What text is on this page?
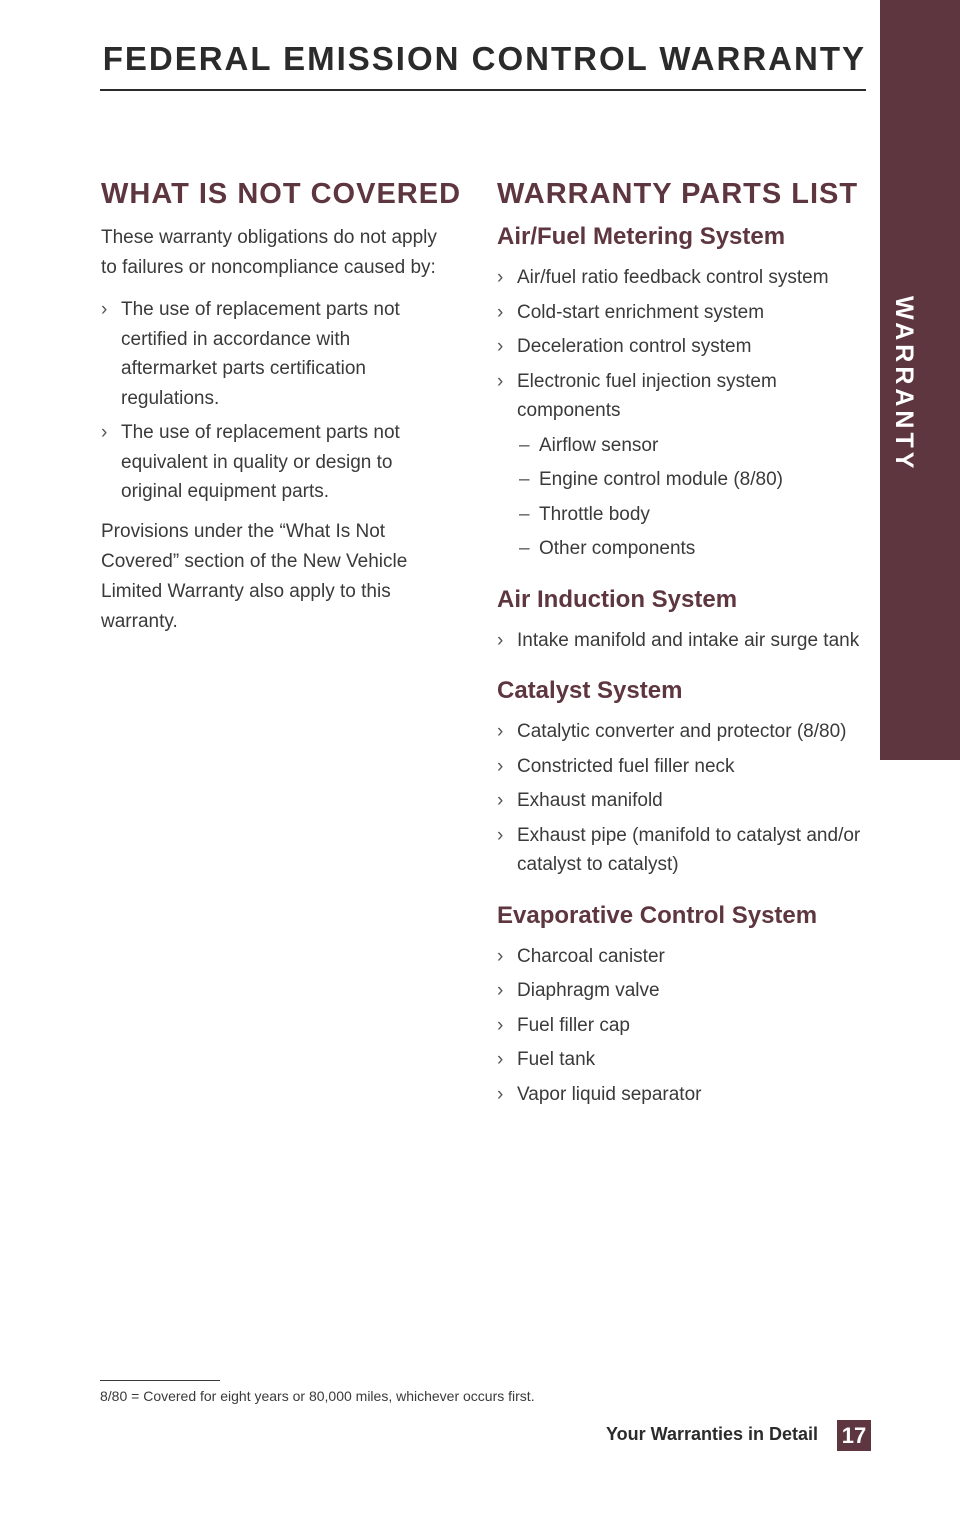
WARRANTY
FEDERAL EMISSION CONTROL WARRANTY
WHAT IS NOT COVERED

These warranty obligations do not apply to failures or noncompliance caused by:

› The use of replacement parts not certified in accordance with aftermarket parts certification regulations.
› The use of replacement parts not equivalent in quality or design to original equipment parts.

Provisions under the “What Is Not Covered” section of the New Vehicle Limited Warranty also apply to this warranty.

WARRANTY PARTS LIST
Air/Fuel Metering System
› Air/fuel ratio feedback control system
› Cold-start enrichment system
› Deceleration control system
› Electronic fuel injection system components
– Airflow sensor
– Engine control module (8/80)
– Throttle body
– Other components
Air Induction System
› Intake manifold and intake air surge tank
Catalyst System
› Catalytic converter and protector (8/80)
› Constricted fuel filler neck
› Exhaust manifold
› Exhaust pipe (manifold to catalyst and/or catalyst to catalyst)
Evaporative Control System
› Charcoal canister
› Diaphragm valve
› Fuel filler cap
› Fuel tank
› Vapor liquid separator
8/80 = Covered for eight years or 80,000 miles, whichever occurs first.
Your Warranties in Detail 17
